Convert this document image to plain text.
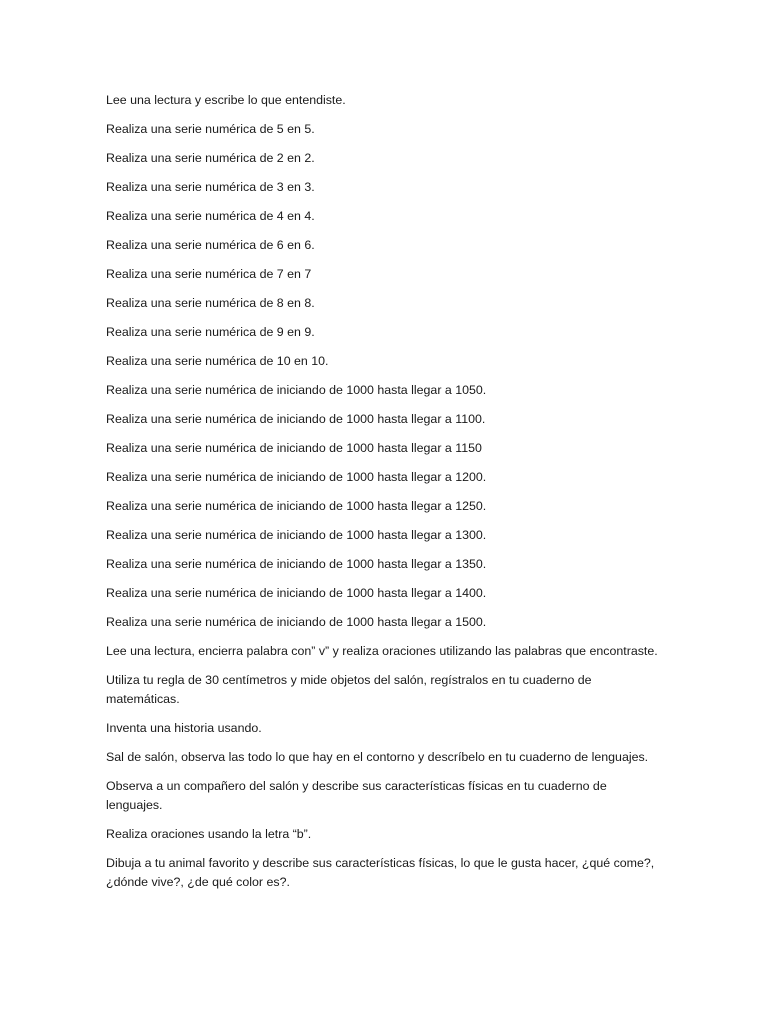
Lee una lectura y escribe lo que entendiste.

Realiza una serie numérica de 5 en 5.

Realiza una serie numérica de 2 en 2.

Realiza una serie numérica de 3 en 3.

Realiza una serie numérica de 4 en 4.

Realiza una serie numérica de 6 en 6.

Realiza una serie numérica de 7 en 7

Realiza una serie numérica de 8 en 8.

Realiza una serie numérica de 9 en 9.

Realiza una serie numérica de 10 en 10.

Realiza una serie numérica de iniciando de 1000 hasta llegar a 1050.

Realiza una serie numérica de iniciando de 1000 hasta llegar a 1100.

Realiza una serie numérica de iniciando de 1000 hasta llegar a 1150

Realiza una serie numérica de iniciando de 1000 hasta llegar a 1200.

Realiza una serie numérica de iniciando de 1000 hasta llegar a 1250.

Realiza una serie numérica de iniciando de 1000 hasta llegar a 1300.

Realiza una serie numérica de iniciando de 1000 hasta llegar a 1350.

Realiza una serie numérica de iniciando de 1000 hasta llegar a 1400.

Realiza una serie numérica de iniciando de 1000 hasta llegar a 1500.

Lee una lectura, encierra palabra con” v” y realiza oraciones utilizando las palabras que encontraste.

Utiliza tu regla de 30 centímetros y mide objetos del salón, regístralos en tu cuaderno de matemáticas.

Inventa una historia usando.

Sal de salón, observa las todo lo que hay en el contorno y descríbelo en tu cuaderno de lenguajes.

Observa a un compañero del salón y describe sus características físicas en tu cuaderno de lenguajes.

Realiza oraciones usando la letra “b”.

Dibuja a tu animal favorito y describe sus características físicas, lo que le gusta hacer, ¿qué come?, ¿dónde vive?, ¿de qué color es?.
